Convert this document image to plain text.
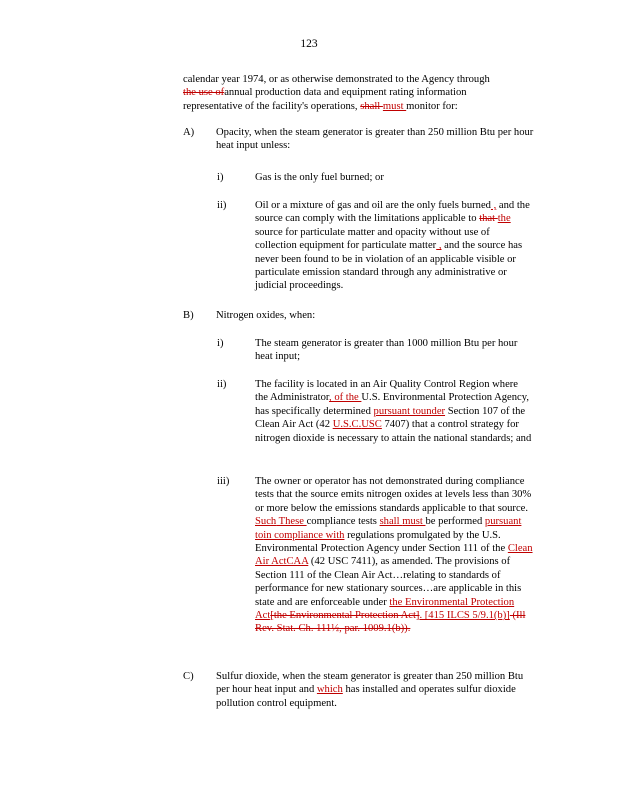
123
calendar year 1974, or as otherwise demonstrated to the Agency through
the use ofannual production data and equipment rating information
representative of the facility's operations, shall must monitor for:
A) Opacity, when the steam generator is greater than 250 million Btu per hour heat input unless:
i)	Gas is the only fuel burned; or
ii)	Oil or a mixture of gas and oil are the only fuels burned , and the source can comply with the limitations applicable to that the source for particulate matter and opacity without use of collection equipment for particulate matter , and the source has never been found to be in violation of an applicable visible or particulate emission standard through any administrative or judicial proceedings.
B) Nitrogen oxides, when:
i)	The steam generator is greater than 1000 million Btu per hour heat input;
ii)	The facility is located in an Air Quality Control Region where the Administrator, of the U.S. Environmental Protection Agency, has specifically determined pursuant tounder Section 107 of the Clean Air Act (42 U.S.C.USC 7407) that a control strategy for nitrogen dioxide is necessary to attain the national standards; and
iii) The owner or operator has not demonstrated during compliance tests that the source emits nitrogen oxides at levels less than 30% or more below the emissions standards applicable to that source. Such These compliance tests shall must be performed pursuant toin compliance with regulations promulgated by the U.S. Environmental Protection Agency under Section 111 of the Clean Air ActCAA (42 USC 7411), as amended. The provisions of Section 111 of the Clean Air Act…relating to standards of performance for new stationary sources…are applicable in this state and are enforceable under the Environmental Protection Act[the Environmental Protection Act]. [415 ILCS 5/9.1(b)] (Ill Rev. Stat. Ch. 111½, par. 1009.1(b)).
C) Sulfur dioxide, when the steam generator is greater than 250 million Btu per hour heat input and which has installed and operates sulfur dioxide pollution control equipment.
